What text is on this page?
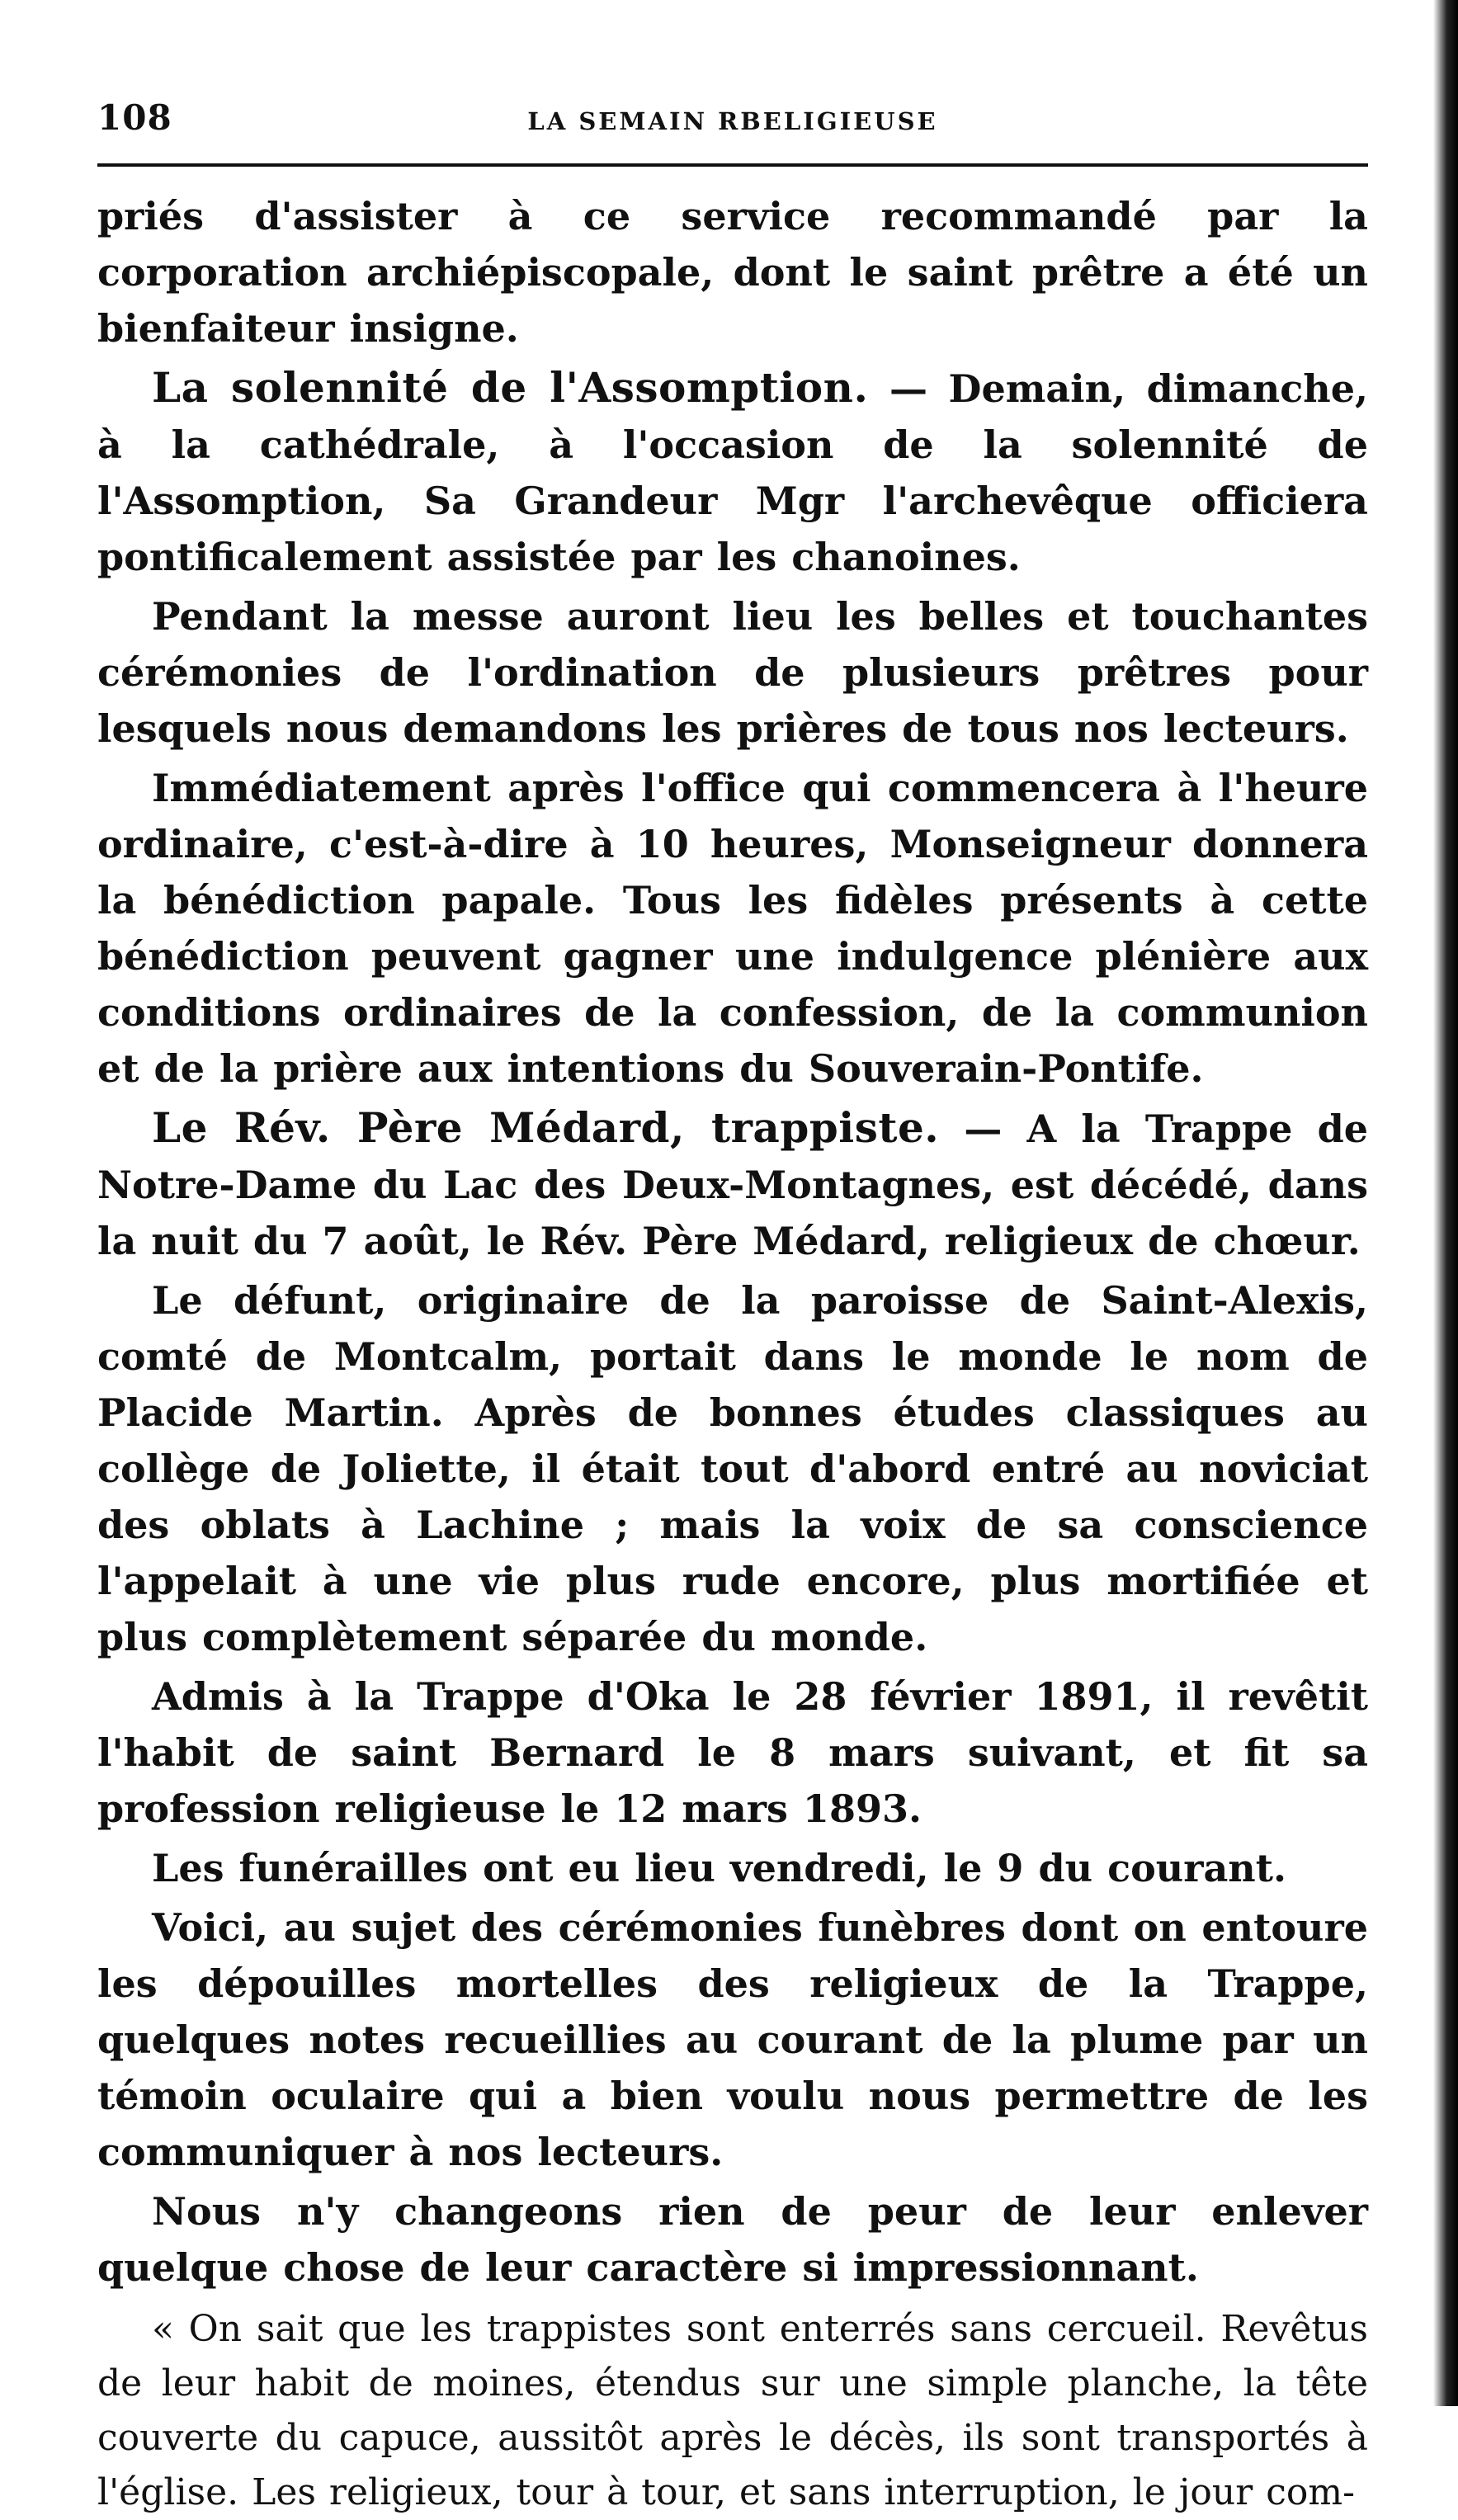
108	LA SEMAIN RBELIGIEUSE

priés d'assister à ce service recommandé par la corporation archiépiscopale, dont le saint prêtre a été un bienfaiteur insigne.

La solennité de l'Assomption. — Demain, dimanche, à la cathédrale, à l'occasion de la solennité de l'Assomption, Sa Grandeur Mgr l'archevêque officiera pontificalement assistée par les chanoines.

Pendant la messe auront lieu les belles et touchantes cérémonies de l'ordination de plusieurs prêtres pour lesquels nous demandons les prières de tous nos lecteurs.

Immédiatement après l'office qui commencera à l'heure ordinaire, c'est-à-dire à 10 heures, Monseigneur donnera la bénédiction papale. Tous les fidèles présents à cette bénédiction peuvent gagner une indulgence plénière aux conditions ordinaires de la confession, de la communion et de la prière aux intentions du Souverain-Pontife.

Le Rév. Père Médard, trappiste. — A la Trappe de Notre-Dame du Lac des Deux-Montagnes, est décédé, dans la nuit du 7 août, le Rév. Père Médard, religieux de chœur.

Le défunt, originaire de la paroisse de Saint-Alexis, comté de Montcalm, portait dans le monde le nom de Placide Martin. Après de bonnes études classiques au collège de Joliette, il était tout d'abord entré au noviciat des oblats à Lachine ; mais la voix de sa conscience l'appelait à une vie plus rude encore, plus mortifiée et plus complètement séparée du monde.

Admis à la Trappe d'Oka le 28 février 1891, il revêtit l'habit de saint Bernard le 8 mars suivant, et fit sa profession religieuse le 12 mars 1893.

Les funérailles ont eu lieu vendredi, le 9 du courant.

Voici, au sujet des cérémonies funèbres dont on entoure les dépouilles mortelles des religieux de la Trappe, quelques notes recueillies au courant de la plume par un témoin oculaire qui a bien voulu nous permettre de les communiquer à nos lecteurs.

Nous n'y changeons rien de peur de leur enlever quelque chose de leur caractère si impressionnant.

« On sait que les trappistes sont enterrés sans cercueil. Revêtus de leur habit de moines, étendus sur une simple planche, la tête couverte du capuce, aussitôt après le décès, ils sont transportés à l'église. Les religieux, tour à tour, et sans interruption, le jour com-
